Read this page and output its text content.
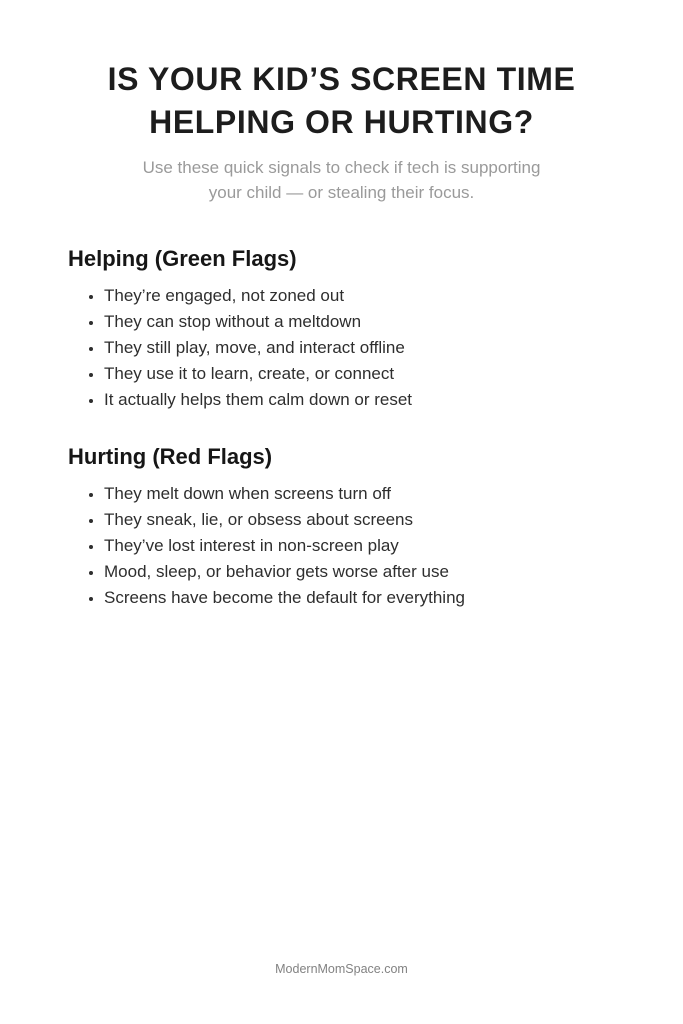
IS YOUR KID’S SCREEN TIME
HELPING OR HURTING?

Use these quick signals to check if tech is supporting your child — or stealing their focus.

Helping (Green Flags)
• They’re engaged, not zoned out
• They can stop without a meltdown
• They still play, move, and interact offline
• They use it to learn, create, or connect
• It actually helps them calm down or reset
Hurting (Red Flags)
• They melt down when screens turn off
• They sneak, lie, or obsess about screens
• They’ve lost interest in non-screen play
• Mood, sleep, or behavior gets worse after use
• Screens have become the default for everything
ModernMomSpace.com
